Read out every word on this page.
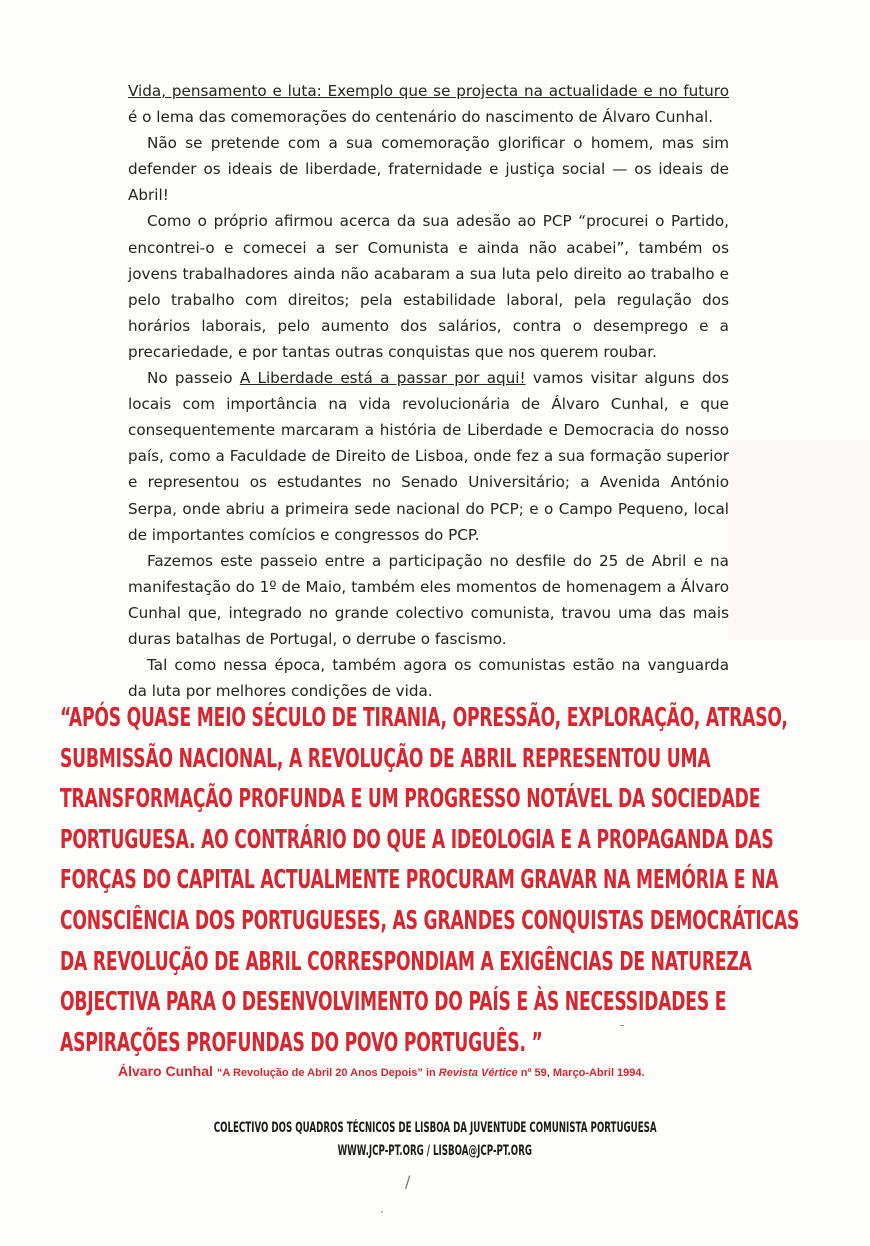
Vida, pensamento e luta: Exemplo que se projecta na actualidade e no futuro é o lema das comemorações do centenário do nascimento de Álvaro Cunhal.

Não se pretende com a sua comemoração glorificar o homem, mas sim defender os ideais de liberdade, fraternidade e justiça social — os ideais de Abril!

Como o próprio afirmou acerca da sua adesão ao PCP “procurei o Partido, encontrei-o e comecei a ser Comunista e ainda não acabei”, também os jovens trabalhadores ainda não acabaram a sua luta pelo direito ao trabalho e pelo trabalho com direitos; pela estabilidade laboral, pela regulação dos horários laborais, pelo aumento dos salários, contra o desemprego e a precariedade, e por tantas outras conquistas que nos querem roubar.

No passeio A Liberdade está a passar por aqui! vamos visitar alguns dos locais com importância na vida revolucionária de Álvaro Cunhal, e que consequentemente marcaram a história de Liberdade e Democracia do nosso país, como a Faculdade de Direito de Lisboa, onde fez a sua formação superior e representou os estudantes no Senado Universitário; a Avenida António Serpa, onde abriu a primeira sede nacional do PCP; e o Campo Pequeno, local de importantes comícios e congressos do PCP.

Fazemos este passeio entre a participação no desfile do 25 de Abril e na manifestação do 1º de Maio, também eles momentos de homenagem a Álvaro Cunhal que, integrado no grande colectivo comunista, travou uma das mais duras batalhas de Portugal, o derrube o fascismo.

Tal como nessa época, também agora os comunistas estão na vanguarda da luta por melhores condições de vida.

“APÓS QUASE MEIO SÉCULO DE TIRANIA, OPRESSÃO, EXPLORAÇÃO, ATRASO,
SUBMISSÃO NACIONAL, A REVOLUÇÃO DE ABRIL REPRESENTOU UMA
TRANSFORMAÇÃO PROFUNDA E UM PROGRESSO NOTÁVEL DA SOCIEDADE
PORTUGUESA. AO CONTRÁRIO DO QUE A IDEOLOGIA E A PROPAGANDA DAS
FORÇAS DO CAPITAL ACTUALMENTE PROCURAM GRAVAR NA MEMÓRIA E NA
CONSCIÊNCIA DOS PORTUGUESES, AS GRANDES CONQUISTAS DEMOCRÁTICAS
DA REVOLUÇÃO DE ABRIL CORRESPONDIAM A EXIGÊNCIAS DE NATUREZA
OBJECTIVA PARA O DESENVOLVIMENTO DO PAÍS E ÀS NECESSIDADES E
ASPIRAÇÕES PROFUNDAS DO POVO PORTUGUÊS. ”
Álvaro Cunhal “A Revolução de Abril 20 Anos Depois” in Revista Vértice nº 59, Março-Abril 1994.
COLECTIVO DOS QUADROS TÉCNICOS DE LISBOA DA JUVENTUDE COMUNISTA PORTUGUESA
WWW.JCP-PT.ORG / LISBOA@JCP-PT.ORG
/
·
‐
